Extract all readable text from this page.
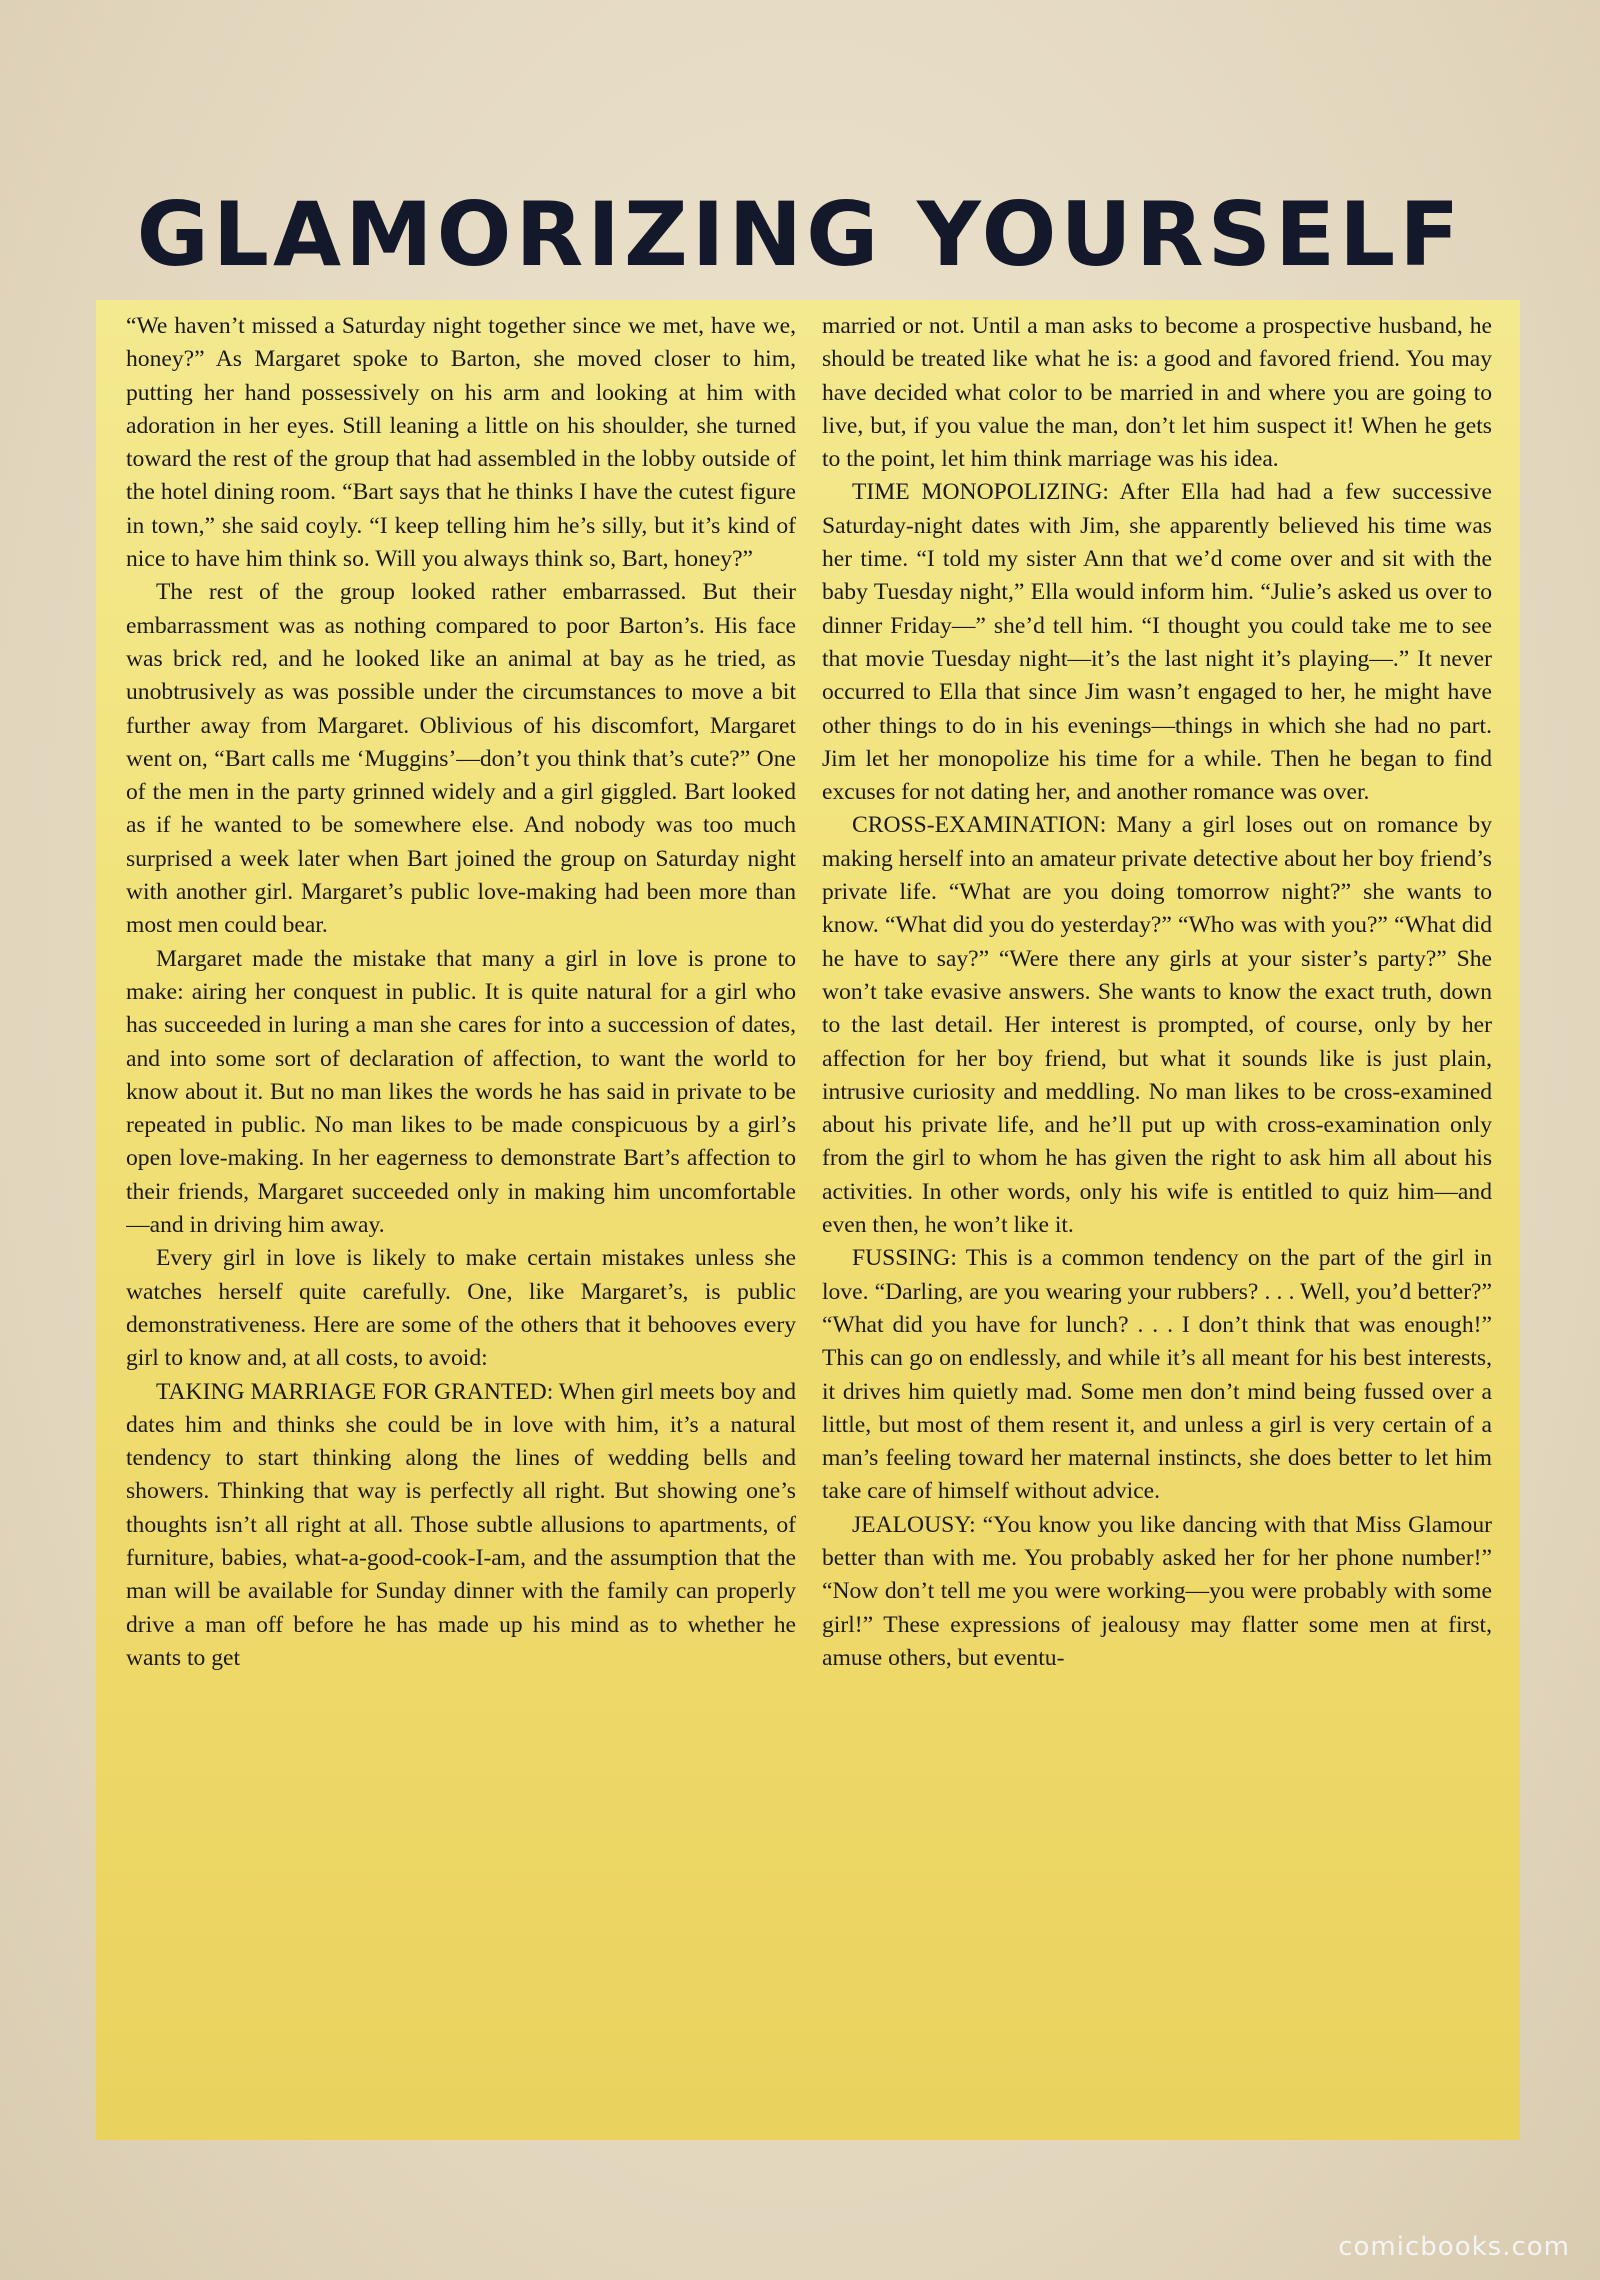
GLAMORIZING YOURSELF

“We haven’t missed a Saturday night together since we met, have we, honey?” As Margaret spoke to Barton, she moved closer to him, putting her hand possessively on his arm and looking at him with adoration in her eyes. Still leaning a little on his shoulder, she turned toward the rest of the group that had assembled in the lobby outside of the hotel dining room. “Bart says that he thinks I have the cutest figure in town,” she said coyly. “I keep telling him he’s silly, but it’s kind of nice to have him think so. Will you always think so, Bart, honey?”

The rest of the group looked rather embarrassed. But their embarrassment was as nothing compared to poor Barton’s. His face was brick red, and he looked like an animal at bay as he tried, as unobtrusively as was possible under the circumstances to move a bit further away from Margaret. Oblivious of his discomfort, Margaret went on, “Bart calls me ‘Muggins’—don’t you think that’s cute?” One of the men in the party grinned widely and a girl giggled. Bart looked as if he wanted to be somewhere else. And nobody was too much surprised a week later when Bart joined the group on Saturday night with another girl. Margaret’s public love-making had been more than most men could bear.

Margaret made the mistake that many a girl in love is prone to make: airing her conquest in public. It is quite natural for a girl who has succeeded in luring a man she cares for into a succession of dates, and into some sort of declaration of affection, to want the world to know about it. But no man likes the words he has said in private to be repeated in public. No man likes to be made conspicuous by a girl’s open love-making. In her eagerness to demonstrate Bart’s affection to their friends, Margaret succeeded only in making him uncomfortable—and in driving him away.

Every girl in love is likely to make certain mistakes unless she watches herself quite carefully. One, like Margaret’s, is public demonstrativeness. Here are some of the others that it behooves every girl to know and, at all costs, to avoid:

TAKING MARRIAGE FOR GRANTED: When girl meets boy and dates him and thinks she could be in love with him, it’s a natural tendency to start thinking along the lines of wedding bells and showers. Thinking that way is perfectly all right. But showing one’s thoughts isn’t all right at all. Those subtle allusions to apartments, of furniture, babies, what-a-good-cook-I-am, and the assumption that the man will be available for Sunday dinner with the family can properly drive a man off before he has made up his mind as to whether he wants to get

married or not. Until a man asks to become a prospective husband, he should be treated like what he is: a good and favored friend. You may have decided what color to be married in and where you are going to live, but, if you value the man, don’t let him suspect it! When he gets to the point, let him think marriage was his idea.

TIME MONOPOLIZING: After Ella had had a few successive Saturday-night dates with Jim, she apparently believed his time was her time. “I told my sister Ann that we’d come over and sit with the baby Tuesday night,” Ella would inform him. “Julie’s asked us over to dinner Friday—” she’d tell him. “I thought you could take me to see that movie Tuesday night—it’s the last night it’s playing—.” It never occurred to Ella that since Jim wasn’t engaged to her, he might have other things to do in his evenings—things in which she had no part. Jim let her monopolize his time for a while. Then he began to find excuses for not dating her, and another romance was over.

CROSS-EXAMINATION: Many a girl loses out on romance by making herself into an amateur private detective about her boy friend’s private life. “What are you doing tomorrow night?” she wants to know. “What did you do yesterday?” “Who was with you?” “What did he have to say?” “Were there any girls at your sister’s party?” She won’t take evasive answers. She wants to know the exact truth, down to the last detail. Her interest is prompted, of course, only by her affection for her boy friend, but what it sounds like is just plain, intrusive curiosity and meddling. No man likes to be cross-examined about his private life, and he’ll put up with cross-examination only from the girl to whom he has given the right to ask him all about his activities. In other words, only his wife is entitled to quiz him—and even then, he won’t like it.

FUSSING: This is a common tendency on the part of the girl in love. “Darling, are you wearing your rubbers? . . . Well, you’d better?” “What did you have for lunch? . . . I don’t think that was enough!” This can go on endlessly, and while it’s all meant for his best interests, it drives him quietly mad. Some men don’t mind being fussed over a little, but most of them resent it, and unless a girl is very certain of a man’s feeling toward her maternal instincts, she does better to let him take care of himself without advice.

JEALOUSY: “You know you like dancing with that Miss Glamour better than with me. You probably asked her for her phone number!” “Now don’t tell me you were working—you were probably with some girl!” These expressions of jealousy may flatter some men at first, amuse others, but eventu-

comicbooks.com
